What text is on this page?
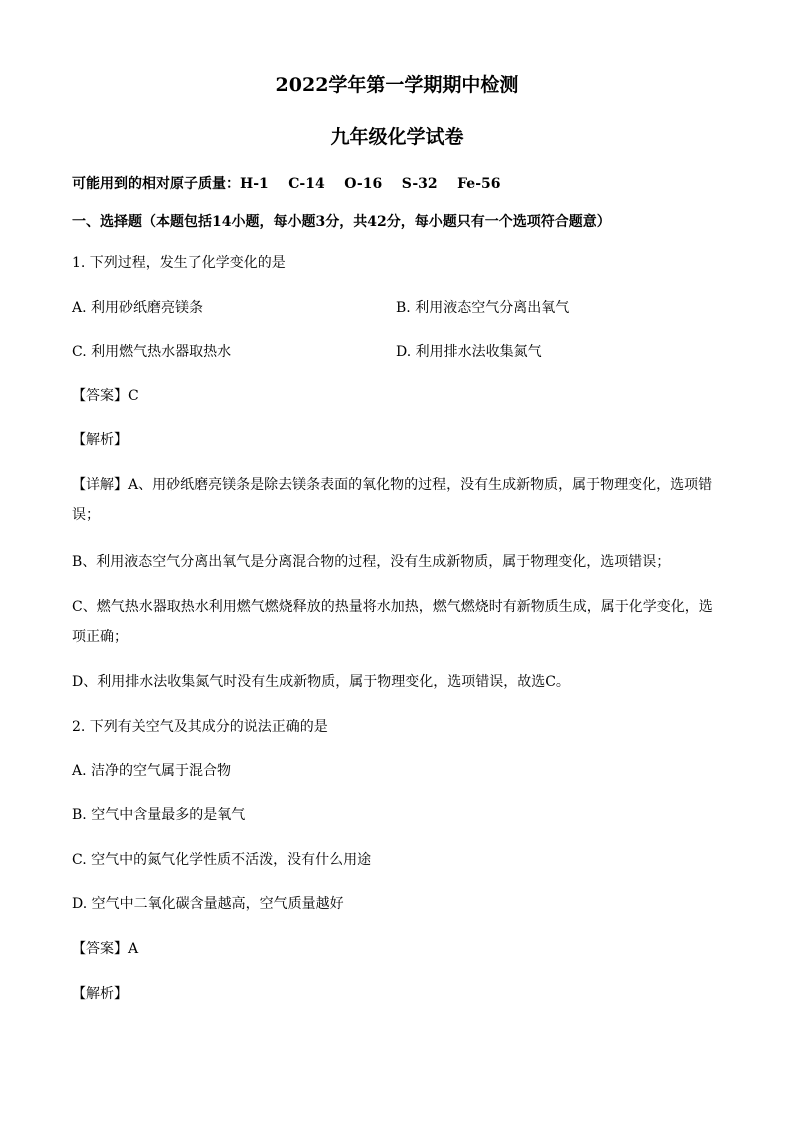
2022学年第一学期期中检测
九年级化学试卷
可能用到的相对原子质量：H-1    C-14    O-16    S-32    Fe-56
一、选择题（本题包括14小题，每小题3分，共42分，每小题只有一个选项符合题意）
1. 下列过程，发生了化学变化的是
A. 利用砂纸磨亮镁条	B. 利用液态空气分离出氧气
C. 利用燃气热水器取热水	D. 利用排水法收集氮气
【答案】C
【解析】
【详解】A、用砂纸磨亮镁条是除去镁条表面的氧化物的过程，没有生成新物质，属于物理变化，选项错误；
B、利用液态空气分离出氧气是分离混合物的过程，没有生成新物质，属于物理变化，选项错误；
C、燃气热水器取热水利用燃气燃烧释放的热量将水加热，燃气燃烧时有新物质生成，属于化学变化，选项正确；
D、利用排水法收集氮气时没有生成新物质，属于物理变化，选项错误，故选C。
2. 下列有关空气及其成分的说法正确的是
A. 洁净的空气属于混合物
B. 空气中含量最多的是氧气
C. 空气中的氮气化学性质不活泼，没有什么用途
D. 空气中二氧化碳含量越高，空气质量越好
【答案】A
【解析】
